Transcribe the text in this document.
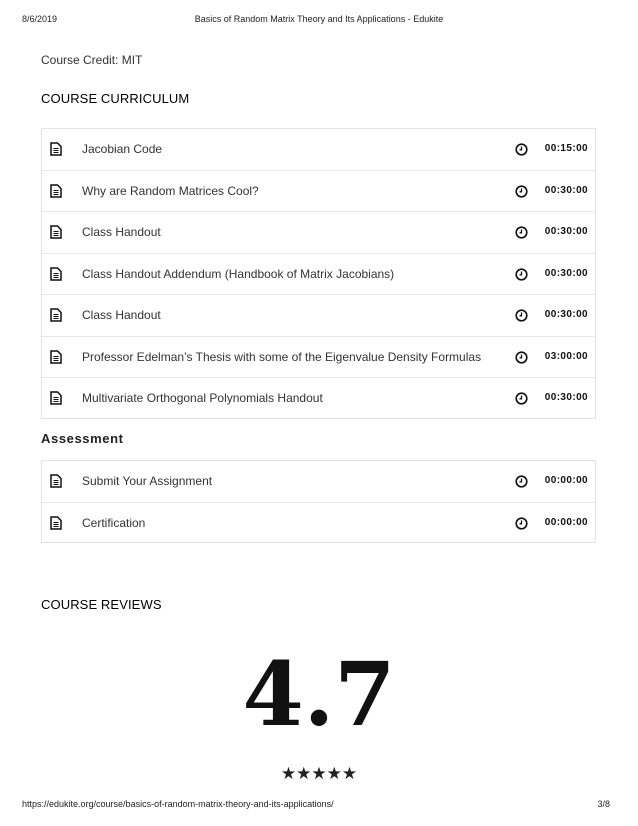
8/6/2019	Basics of Random Matrix Theory and Its Applications - Edukite
Course Credit: MIT
COURSE CURRICULUM
Jacobian Code	00:15:00
Why are Random Matrices Cool?	00:30:00
Class Handout	00:30:00
Class Handout Addendum (Handbook of Matrix Jacobians)	00:30:00
Class Handout	00:30:00
Professor Edelman’s Thesis with some of the Eigenvalue Density Formulas	03:00:00
Multivariate Orthogonal Polynomials Handout	00:30:00
Assessment
Submit Your Assignment	00:00:00
Certification	00:00:00
COURSE REVIEWS
4.7
★★★★★
https://edukite.org/course/basics-of-random-matrix-theory-and-its-applications/	3/8
